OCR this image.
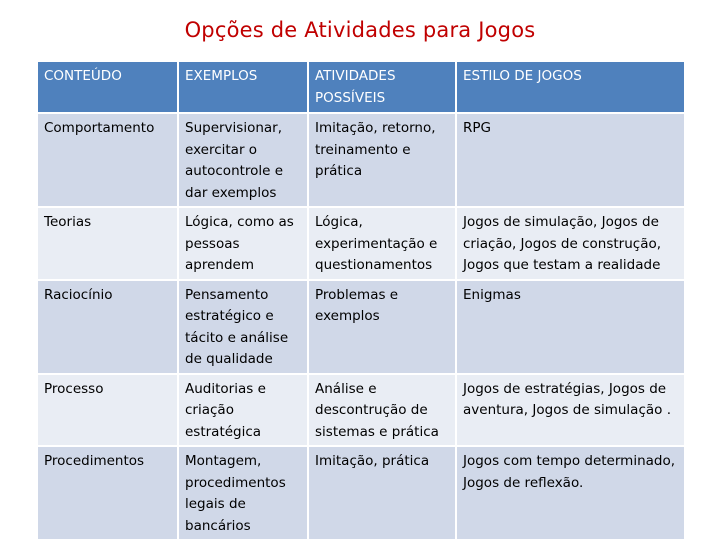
Opções de Atividades para Jogos
CONTEÚDO	EXEMPLOS	ATIVIDADES POSSÍVEIS	ESTILO DE JOGOS
Comportamento	Supervisionar, exercitar o autocontrole e dar exemplos	Imitação, retorno, treinamento e prática	RPG
Teorias	Lógica, como as pessoas aprendem	Lógica, experimentação e questionamentos	Jogos de simulação, Jogos de criação, Jogos de construção, Jogos que testam a realidade
Raciocínio	Pensamento estratégico e tácito e análise de qualidade	Problemas e exemplos	Enigmas
Processo	Auditorias e criação estratégica	Análise e descontrução de sistemas e prática	Jogos de estratégias, Jogos de aventura, Jogos de simulação .
Procedimentos	Montagem, procedimentos legais de bancários	Imitação, prática	Jogos com tempo determinado, Jogos de reflexão.
